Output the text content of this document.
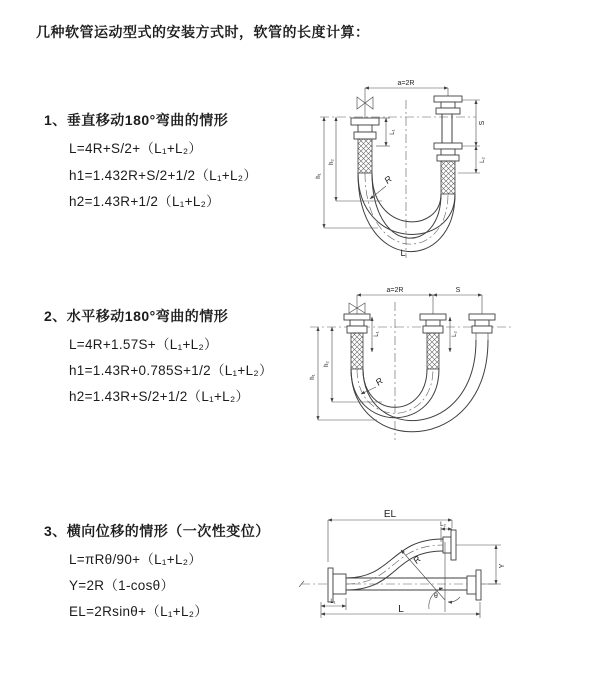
几种软管运动型式的安装方式时，软管的长度计算：
1、垂直移动180°弯曲的情形
L=4R+S/2+（L₁+L₂）
h1=1.432R+S/2+1/2（L₁+L₂）
h2=1.43R+1/2（L₁+L₂）
2、水平移动180°弯曲的情形
L=4R+1.57S+（L₁+L₂）
h1=1.43R+0.785S+1/2（L₁+L₂）
h2=1.43R+S/2+1/2（L₁+L₂）
3、横向位移的情形（一次性变位）
L=πRθ/90+（L₁+L₂）
Y=2R（1-cosθ）
EL=2Rsinθ+（L₁+L₂）
a=2R
S
L₂
L₁
h₁
h₂
R
L
a=2R	S
h₁
h₂
L₁	L₂
R
EL
L₂
Y
R
θ
L₁
L
